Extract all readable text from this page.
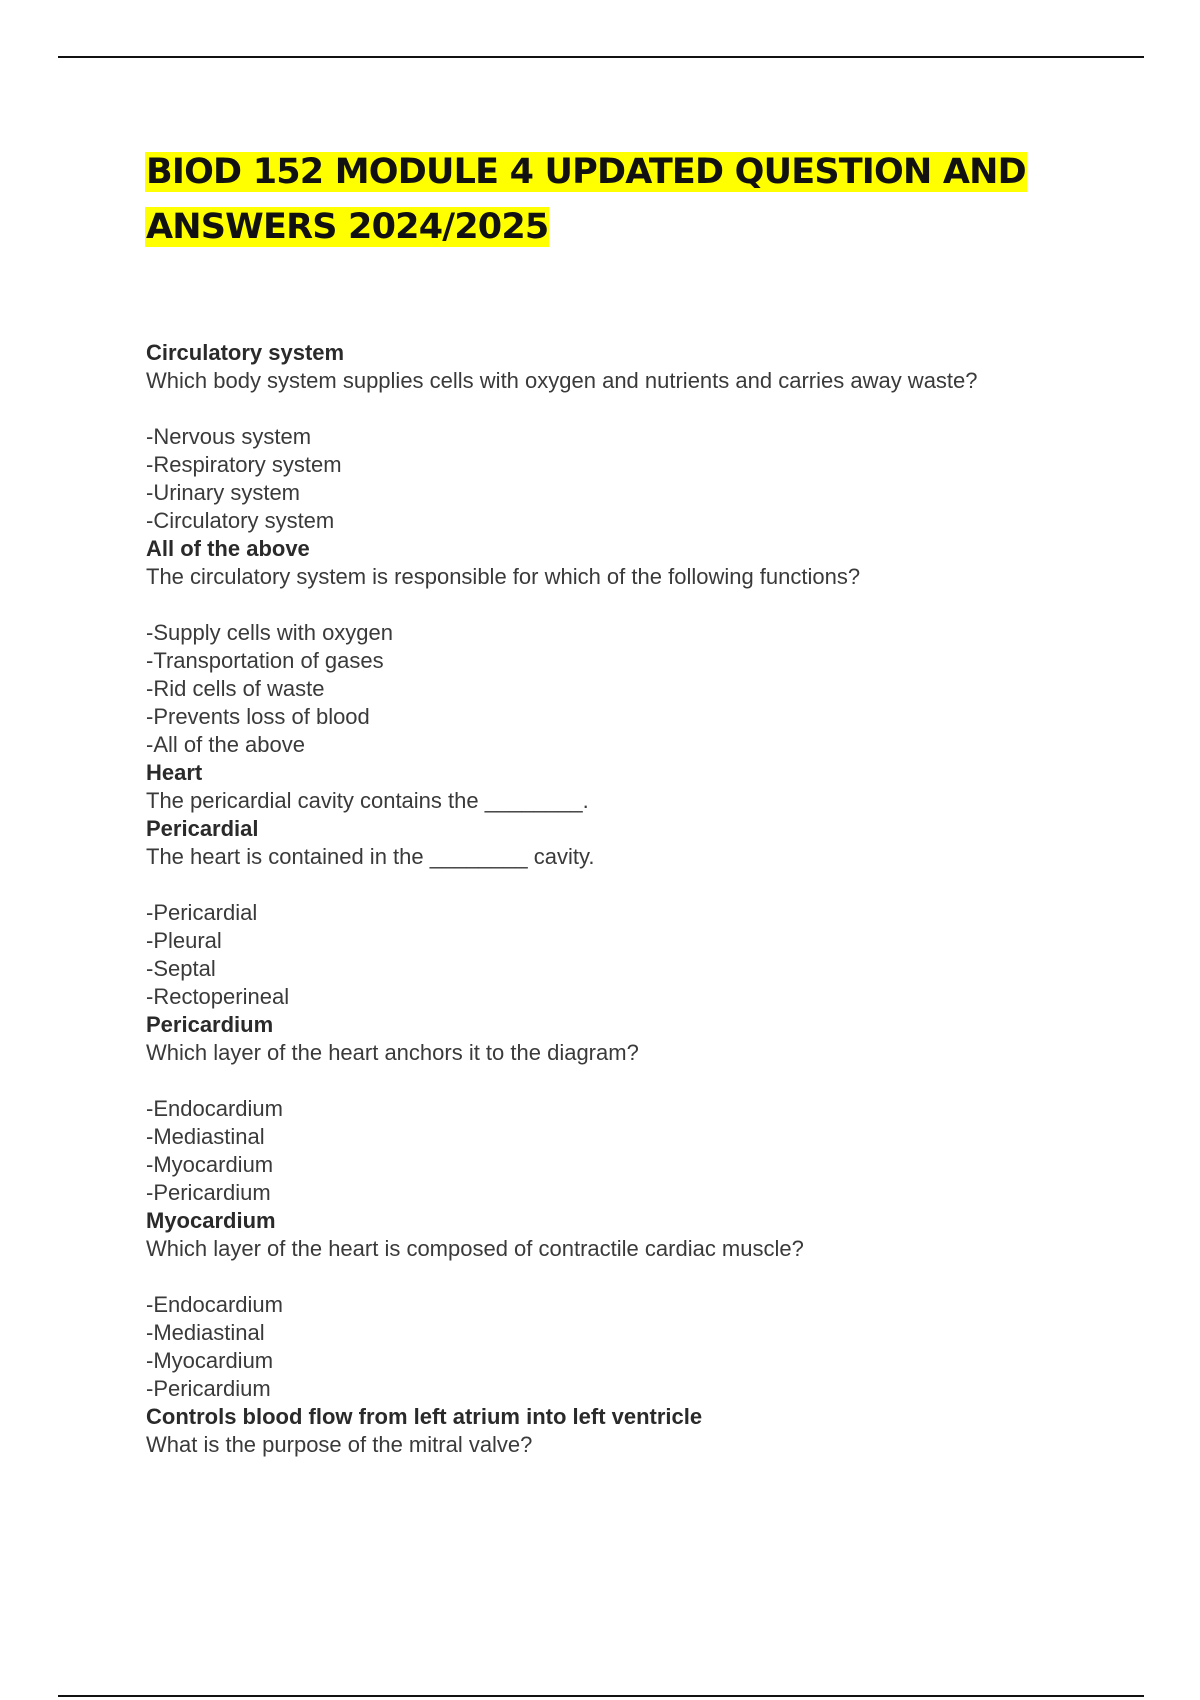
BIOD 152 MODULE 4 UPDATED QUESTION AND
ANSWERS 2024/2025
Circulatory system
Which body system supplies cells with oxygen and nutrients and carries away waste?
-Nervous system
-Respiratory system
-Urinary system
-Circulatory system
All of the above
The circulatory system is responsible for which of the following functions?
-Supply cells with oxygen
-Transportation of gases
-Rid cells of waste
-Prevents loss of blood
-All of the above
Heart
The pericardial cavity contains the ________.
Pericardial
The heart is contained in the ________ cavity.
-Pericardial
-Pleural
-Septal
-Rectoperineal
Pericardium
Which layer of the heart anchors it to the diagram?
-Endocardium
-Mediastinal
-Myocardium
-Pericardium
Myocardium
Which layer of the heart is composed of contractile cardiac muscle?
-Endocardium
-Mediastinal
-Myocardium
-Pericardium
Controls blood flow from left atrium into left ventricle
What is the purpose of the mitral valve?
